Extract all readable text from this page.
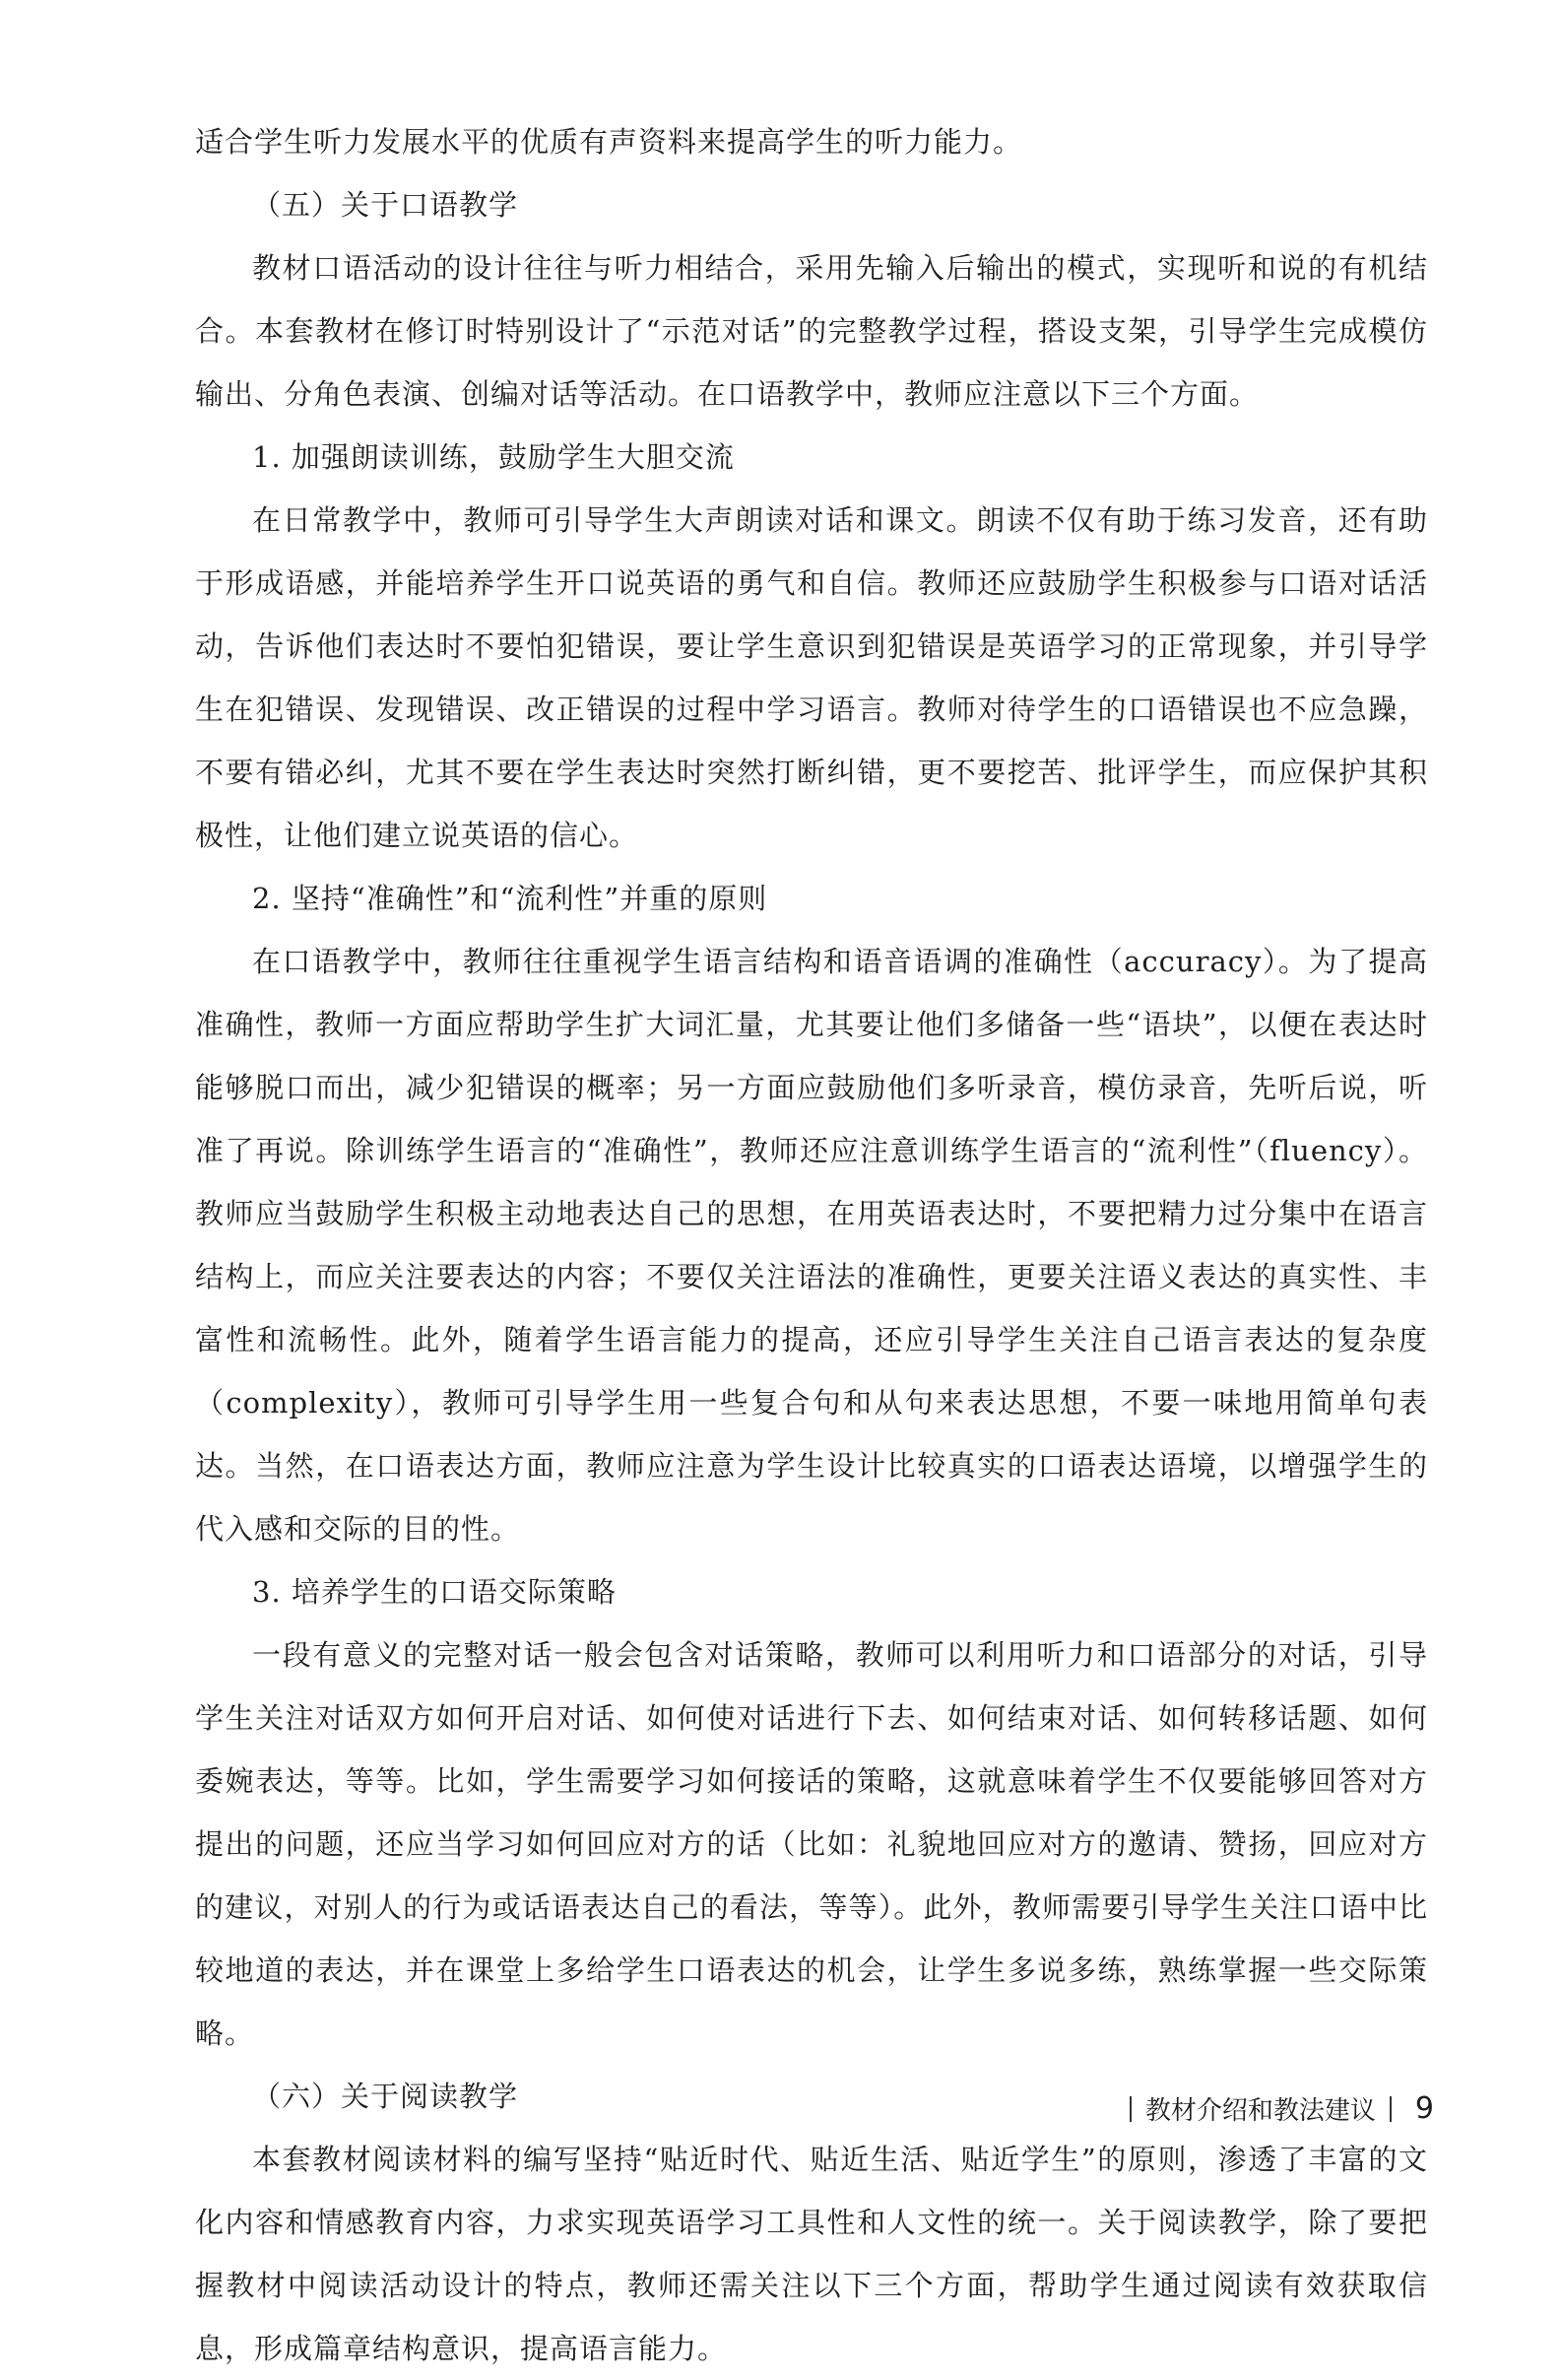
适合学生听力发展水平的优质有声资料来提高学生的听力能力。

（五）关于口语教学

教材口语活动的设计往往与听力相结合，采用先输入后输出的模式，实现听和说的有机结合。本套教材在修订时特别设计了“示范对话”的完整教学过程，搭设支架，引导学生完成模仿输出、分角色表演、创编对话等活动。在口语教学中，教师应注意以下三个方面。

1. 加强朗读训练，鼓励学生大胆交流

在日常教学中，教师可引导学生大声朗读对话和课文。朗读不仅有助于练习发音，还有助于形成语感，并能培养学生开口说英语的勇气和自信。教师还应鼓励学生积极参与口语对话活动，告诉他们表达时不要怕犯错误，要让学生意识到犯错误是英语学习的正常现象，并引导学生在犯错误、发现错误、改正错误的过程中学习语言。教师对待学生的口语错误也不应急躁，不要有错必纠，尤其不要在学生表达时突然打断纠错，更不要挖苦、批评学生，而应保护其积极性，让他们建立说英语的信心。

2. 坚持“准确性”和“流利性”并重的原则

在口语教学中，教师往往重视学生语言结构和语音语调的准确性（accuracy）。为了提高准确性，教师一方面应帮助学生扩大词汇量，尤其要让他们多储备一些“语块”，以便在表达时能够脱口而出，减少犯错误的概率；另一方面应鼓励他们多听录音，模仿录音，先听后说，听准了再说。除训练学生语言的“准确性”，教师还应注意训练学生语言的“流利性”（fluency）。教师应当鼓励学生积极主动地表达自己的思想，在用英语表达时，不要把精力过分集中在语言结构上，而应关注要表达的内容；不要仅关注语法的准确性，更要关注语义表达的真实性、丰富性和流畅性。此外，随着学生语言能力的提高，还应引导学生关注自己语言表达的复杂度（complexity），教师可引导学生用一些复合句和从句来表达思想，不要一味地用简单句表达。当然，在口语表达方面，教师应注意为学生设计比较真实的口语表达语境，以增强学生的代入感和交际的目的性。

3. 培养学生的口语交际策略

一段有意义的完整对话一般会包含对话策略，教师可以利用听力和口语部分的对话，引导学生关注对话双方如何开启对话、如何使对话进行下去、如何结束对话、如何转移话题、如何委婉表达，等等。比如，学生需要学习如何接话的策略，这就意味着学生不仅要能够回答对方提出的问题，还应当学习如何回应对方的话（比如：礼貌地回应对方的邀请、赞扬，回应对方的建议，对别人的行为或话语表达自己的看法，等等）。此外，教师需要引导学生关注口语中比较地道的表达，并在课堂上多给学生口语表达的机会，让学生多说多练，熟练掌握一些交际策略。

（六）关于阅读教学

本套教材阅读材料的编写坚持“贴近时代、贴近生活、贴近学生”的原则，渗透了丰富的文化内容和情感教育内容，力求实现英语学习工具性和人文性的统一。关于阅读教学，除了要把握教材中阅读活动设计的特点，教师还需关注以下三个方面，帮助学生通过阅读有效获取信息，形成篇章结构意识，提高语言能力。

教材介绍和教法建议 9
